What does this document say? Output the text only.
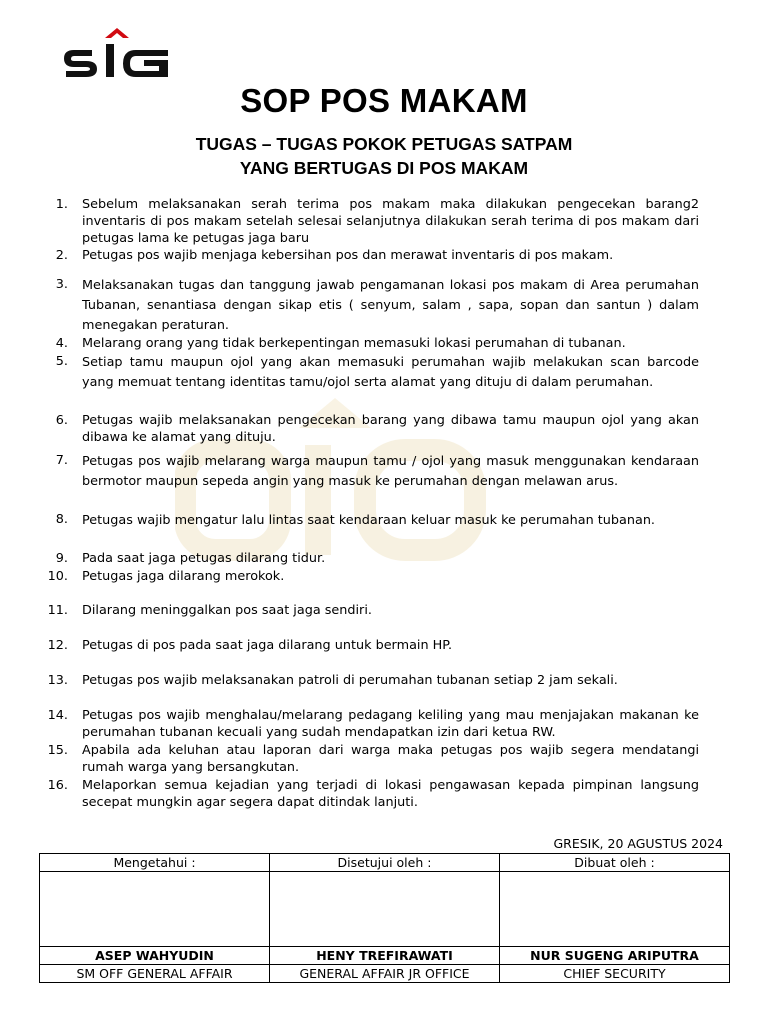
SOP POS MAKAM
TUGAS – TUGAS POKOK PETUGAS SATPAM
YANG BERTUGAS DI POS MAKAM
1.	Sebelum melaksanakan serah terima pos makam maka dilakukan pengecekan barang2 inventaris di pos makam setelah selesai selanjutnya dilakukan serah terima di pos makam dari petugas lama ke petugas jaga baru
2.	Petugas pos wajib menjaga kebersihan pos dan merawat inventaris di pos makam.
3.	Melaksanakan tugas dan tanggung jawab pengamanan lokasi pos makam di Area perumahan Tubanan, senantiasa dengan sikap etis ( senyum, salam , sapa, sopan dan santun ) dalam menegakan peraturan.
4.	Melarang orang yang tidak berkepentingan memasuki lokasi perumahan di tubanan.
5.	Setiap tamu maupun ojol yang akan memasuki perumahan wajib melakukan scan barcode yang memuat tentang identitas tamu/ojol serta alamat yang dituju di dalam perumahan.
6.	Petugas wajib melaksanakan pengecekan barang yang dibawa tamu maupun ojol yang akan dibawa ke alamat yang dituju.
7.	Petugas pos wajib melarang warga maupun tamu / ojol yang masuk menggunakan kendaraan bermotor maupun sepeda angin yang masuk ke perumahan dengan melawan arus.
8.	Petugas wajib mengatur lalu lintas saat kendaraan keluar masuk ke perumahan tubanan.
9.	Pada saat jaga petugas dilarang tidur.
10.	Petugas jaga dilarang merokok.
11.	Dilarang meninggalkan pos saat jaga sendiri.
12.	Petugas di pos pada saat jaga dilarang untuk bermain HP.
13.	Petugas pos wajib melaksanakan patroli di perumahan tubanan setiap 2 jam sekali.
14.	Petugas pos wajib menghalau/melarang pedagang keliling yang mau menjajakan makanan ke perumahan tubanan kecuali yang sudah mendapatkan izin dari ketua RW.
15.	Apabila ada keluhan atau laporan dari warga maka petugas pos wajib segera mendatangi rumah warga yang bersangkutan.
16.	Melaporkan semua kejadian yang terjadi di lokasi pengawasan kepada pimpinan langsung secepat mungkin agar segera dapat ditindak lanjuti.
GRESIK, 20 AGUSTUS 2024
Mengetahui :	Disetujui oleh :	Dibuat oleh :

ASEP WAHYUDIN	HENY TREFIRAWATI	NUR SUGENG ARIPUTRA
SM OFF GENERAL AFFAIR	GENERAL AFFAIR JR OFFICE	CHIEF SECURITY
